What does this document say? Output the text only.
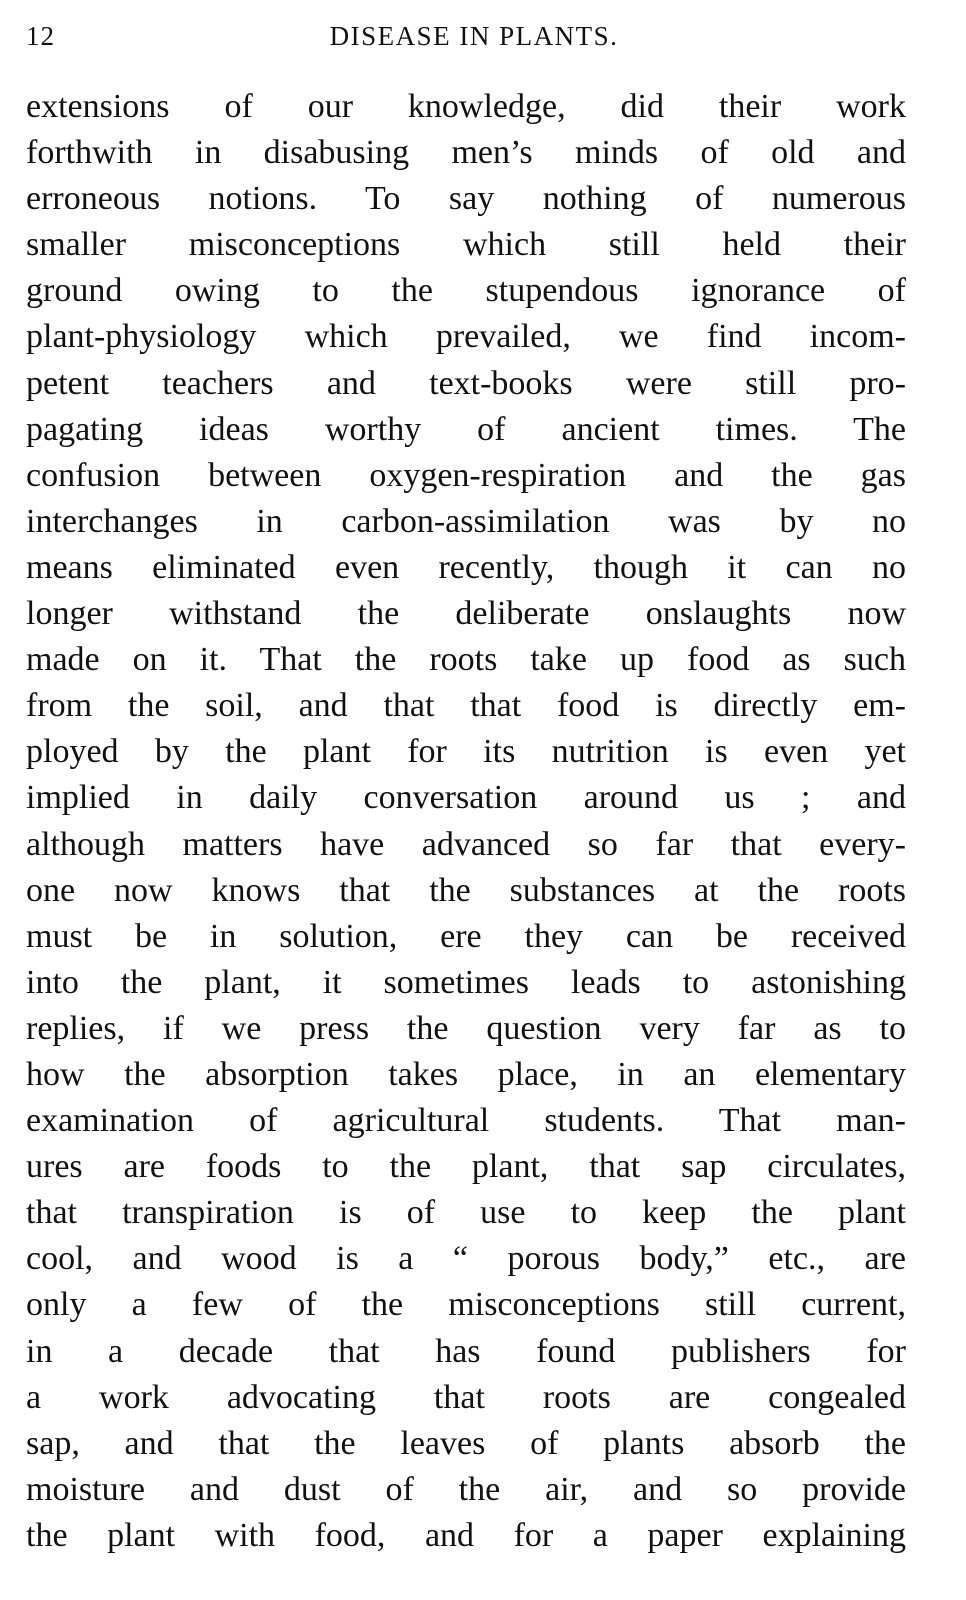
12	DISEASE IN PLANTS.
extensions of our knowledge, did their work
forthwith in disabusing men’s minds of old and
erroneous notions. To say nothing of numerous
smaller misconceptions which still held their
ground owing to the stupendous ignorance of
plant-physiology which prevailed, we find incom-
petent teachers and text-books were still pro-
pagating ideas worthy of ancient times. The
confusion between oxygen-respiration and the gas
interchanges in carbon-assimilation was by no
means eliminated even recently, though it can no
longer withstand the deliberate onslaughts now
made on it. That the roots take up food as such
from the soil, and that that food is directly em-
ployed by the plant for its nutrition is even yet
implied in daily conversation around us ; and
although matters have advanced so far that every-
one now knows that the substances at the roots
must be in solution, ere they can be received
into the plant, it sometimes leads to astonishing
replies, if we press the question very far as to
how the absorption takes place, in an elementary
examination of agricultural students. That man-
ures are foods to the plant, that sap circulates,
that transpiration is of use to keep the plant
cool, and wood is a “ porous body,” etc., are
only a few of the misconceptions still current,
in a decade that has found publishers for
a work advocating that roots are congealed
sap, and that the leaves of plants absorb the
moisture and dust of the air, and so provide
the plant with food, and for a paper explaining
